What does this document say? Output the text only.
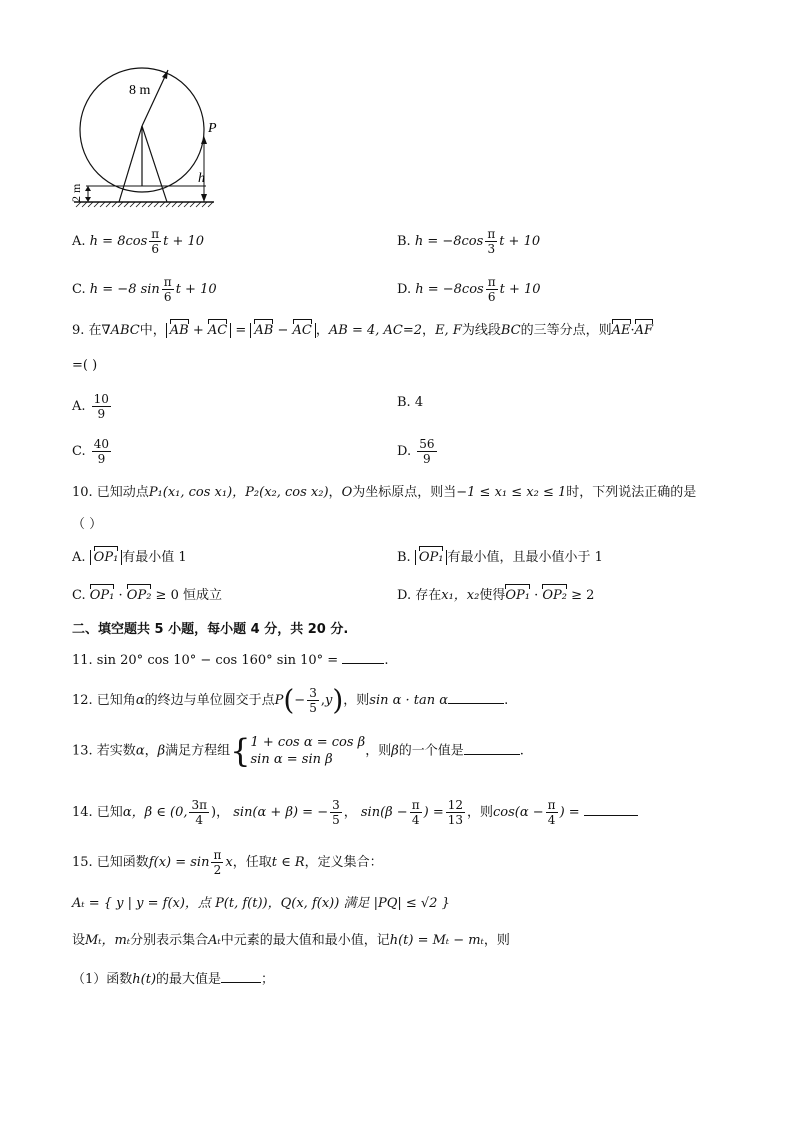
8 m
P
h
2 m
A. $h = 8\cos \frac{\pi}{6}$ t + 10	B. $h = -8\cos \frac{\pi}{3}$ t + 10
C. h = −8 $\sin \frac{\pi}{6}$ t + 10	D. $h = -8\cos \frac{\pi}{6}$ t + 10
9. 在∇ABC中， AB + AC = AB − AC ，AB = 4, AC=2，E, F为线段BC的三等分点，则AE·AF
=( )
A. $\frac{10}{9}$	B. 4
C. $\frac{40}{9}$	D. $\frac{56}{9}$
10. 已知动点P₁(x₁, cos x₁)，P₂(x₂, cos x₂)，O为坐标原点，则当−1 ≤ x₁ ≤ x₂ ≤ 1时，下列说法正确的是
（ ）
A. OP₁ 有最小值 1	B. OP₁ 有最小值，且最小值小于 1
C. OP₁ · OP₂ ≥ 0 恒成立	D. 存在x₁，x₂使得OP₁ · OP₂ ≥ 2
二、填空题共 5 小题，每小题 4 分，共 20 分.
11. sin 20° cos 10° − cos 160° sin 10° =	.
12. 已知角α的终边与单位圆交于点$P(- \frac{3}{5} ,y)$，则sin α · tan α	.
13. 若实数α，β满足方程组{ 1 + cos α = cos β
sin α = sin β
，则β的一个值是	.
14. 已知α，β ∈ (0, $\frac{3\pi}{4}$ )， sin(α + β) = − $\frac{3}{5}$ ， $\sin(\beta - \frac{\pi}{4}$ ) = $\frac{12}{13}$ ，则$\cos(\alpha - \frac{\pi}{4}$ ) =
15. 已知函数$f(x) = \sin \frac{\pi}{2}$ x，任取t ∈ R，定义集合：
Aₜ = { y | y = f(x)，点 P(t, f(t))，Q(x, f(x)) 满足 |PQ| ≤ √2 }
设Mₜ，mₜ分别表示集合Aₜ中元素的最大值和最小值，记h(t) = Mₜ − mₜ，则
（1）函数h(t)的最大值是	；
